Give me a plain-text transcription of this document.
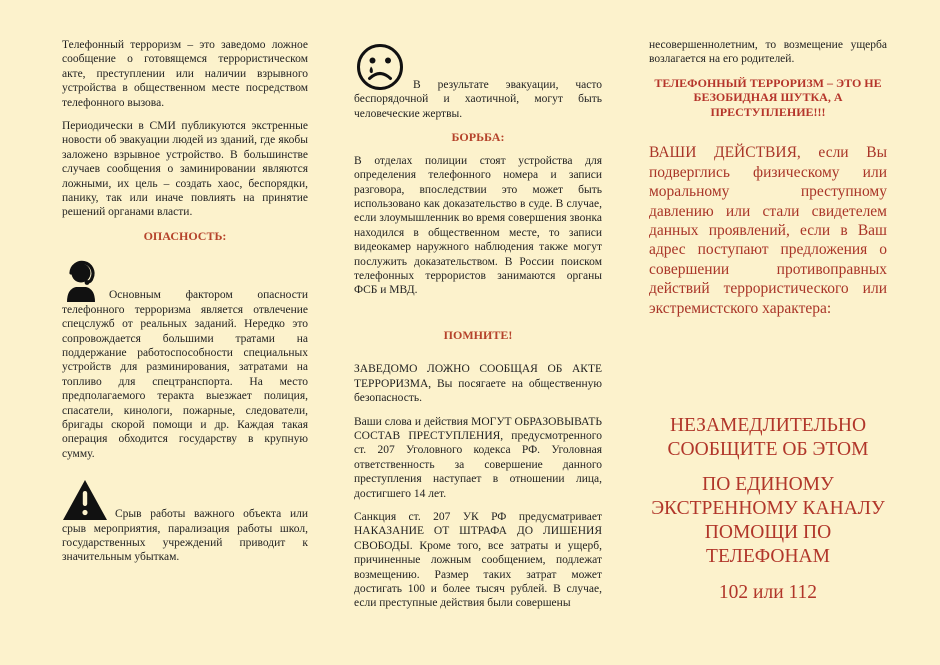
Телефонный терроризм – это заведомо ложное сообщение о готовящемся террористическом акте, преступлении или наличии взрывного устройства в общественном месте посредством телефонного вызова.

Периодически в СМИ публикуются экстренные новости об эвакуации людей из зданий, где якобы заложено взрывное устройство. В большинстве случаев сообщения о заминировании являются ложными, их цель – создать хаос, беспорядки, панику, так или иначе повлиять на принятие решений органами власти.

ОПАСНОСТЬ:

Основным фактором опасности телефонного терроризма является отвлечение спецслужб от реальных заданий. Нередко это сопровождается большими тратами на поддержание работоспособности специальных устройств для разминирования, затратами на топливо для спецтранспорта. На место предполагаемого теракта выезжает полиция, спасатели, кинологи, пожарные, следователи, бригады скорой помощи и др. Каждая такая операция обходится государству в крупную сумму.

Срыв работы важного объекта или срыв мероприятия, парализация работы школ, государственных учреждений приводит к значительным убыткам.

В результате эвакуации, часто беспорядочной и хаотичной, могут быть человеческие жертвы.

БОРЬБА:

В отделах полиции стоят устройства для определения телефонного номера и записи разговора, впоследствии это может быть использовано как доказательство в суде. В случае, если злоумышленник во время совершения звонка находился в общественном месте, то записи видеокамер наружного наблюдения также могут послужить доказательством. В России поиском телефонных террористов занимаются органы ФСБ и МВД.

ПОМНИТЕ!

ЗАВЕДОМО ЛОЖНО СООБЩАЯ ОБ АКТЕ ТЕРРОРИЗМА, Вы посягаете на общественную безопасность.

Ваши слова и действия МОГУТ ОБРАЗОВЫВАТЬ СОСТАВ ПРЕСТУПЛЕНИЯ, предусмотренного ст. 207 Уголовного кодекса РФ. Уголовная ответственность за совершение данного преступления наступает в отношении лица, достигшего 14 лет.

Санкция ст. 207 УК РФ предусматривает НАКАЗАНИЕ ОТ ШТРАФА ДО ЛИШЕНИЯ СВОБОДЫ. Кроме того, все затраты и ущерб, причиненные ложным сообщением, подлежат возмещению. Размер таких затрат может достигать 100 и более тысяч рублей. В случае, если преступные действия были совершены

несовершеннолетним, то возмещение ущерба возлагается на его родителей.

ТЕЛЕФОННЫЙ ТЕРРОРИЗМ – ЭТО НЕ БЕЗОБИДНАЯ ШУТКА, А ПРЕСТУПЛЕНИЕ!!!

ВАШИ ДЕЙСТВИЯ, если Вы подверглись физическому или моральному преступному давлению или стали свидетелем данных проявлений, если в Ваш адрес поступают предложения о совершении противоправных действий террористического или экстремистского характера:

НЕЗАМЕДЛИТЕЛЬНО СООБЩИТЕ ОБ ЭТОМ

ПО ЕДИНОМУ ЭКСТРЕННОМУ КАНАЛУ ПОМОЩИ ПО ТЕЛЕФОНАМ

102 или 112
